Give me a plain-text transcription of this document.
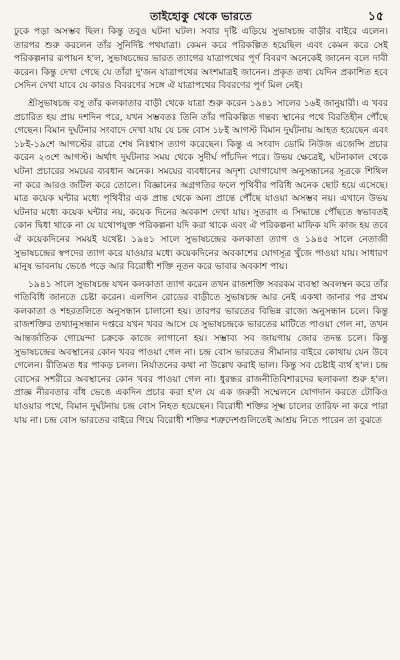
তাইহোকু থেকে ভারতে	১৫

ঢুকে পড়া অসম্ভব ছিল। কিন্তু তবুও ঘটনা ঘটল। সবার দৃষ্টি এড়িয়ে সুভাষচন্দ্র বাড়ীর বাইরে এলেন। তারপর শুরু করলেন তাঁর সুনির্দিষ্ট পথযাত্রা। কেমন করে পরিকল্পিত হয়েছিল এবং কেমন করে সেই পরিকল্পনার রূপায়ন হ'ল, সুভাষচন্দ্রের ভারত ত্যাগের যাত্রাপথের পূর্ণ বিবরণ অনেকেই জানেন বলে দাবী করেন। কিন্তু দেখা গেছে যে তাঁরা দু'জন যাত্রাপথের অংশমাত্রই জানেন। প্রকৃত তথ্য যেদিন প্রকাশিত হবে সেদিন দেখা যাবে যে কারও বিবরণের সঙ্গে ঐ যাত্রাপথের বিবরণের পূর্ণ মিল নেই।

শ্রীসুভাষচন্দ্র বসু তাঁর কলকাতার বাড়ী থেকে যাত্রা শুরু করেন ১৯৪১ সালের ১৬ই জানুয়ারী। এ খবর প্রচারিত হয় প্রায় দশদিন পরে, যখন সম্ভবতঃ তিনি তাঁর পরিকল্পিত গন্তব্য স্থানের পথে বিরতিহীন পৌঁছে গেছেন। বিমান দুর্ঘটনার সংবাদে দেখা যায় যে চন্দ্র বোস ১৮ই আগস্ট বিমান দুর্ঘটনায় আহত হয়েছেন এবং ১৮ই-১৯শে আগস্টের রাত্রে শেষ নিঃশ্বাস ত্যাগ করেছেন। কিন্তু এ সংবাদ ডোমি নিউজ এজেন্সি প্রচার করেন ২৩শে আগস্ট। অর্থাৎ দুর্ঘটনার সময় থেকে সুদীর্ঘ পাঁচদিন পরে। উভয় ক্ষেত্রেই, ঘটনাকাল থেকে ঘটনা প্রচারের সময়ের ব্যবধান অনেক। সময়ের ব্যবধানের অদৃশ্য যোগাযোগ অনুসন্ধানের সূত্রকে শিথিল না করে আরও জটিল করে তোলে। বিজ্ঞানের অগ্রগতির ফলে পৃথিবীর পরিধি অনেক ছোট হয়ে এসেছে। মাত্র কয়েক ঘন্টার মধ্যে পৃথিবীর এক প্রান্ত থেকে অন্য প্রান্তে পৌঁছে যাওয়া অসম্ভব নয়। এখানে উভয় ঘটনার মধ্যে কয়েক ঘন্টার নয়, কয়েক দিনের অবকাশ দেখা যায়। সুতরাং এ সিদ্ধান্তে পৌঁছতে স্বভাবতই কোন দ্বিধা থাকে না যে যথোপযুক্ত পরিকল্পনা যদি করা থাকে এবং ঐ পরিকল্পনা মাফিক যদি কাজ হয় তবে ঐ কয়েকদিনের সময়ই যথেষ্ট। ১৯৪১ সালে সুভাষচন্দ্রের কলকাতা ত্যাগ ও ১৯৪৫ সালে নেতাজী সুভাষচন্দ্রের স্বপদের ত্যাগ করে যাওয়ার মধ্যে কয়েকদিনের অবকাশের যোগসূত্র খুঁজে পাওয়া যায়। সাধারণ মানুষ ভাবনায় ভেঙে পড়ে আর বিরোধী শক্তি নূতন করে ভাবার অবকাশ পায়।

১৯৪১ সালে সুভাষচন্দ্র যখন কলকাতা ত্যাগ করেন তখন রাজশক্তি সবরকম ব্যবস্থা অবলম্বন করে তাঁর গতিবিধি জানতে চেষ্টা করেন। এলগিন রোডের বাড়ীতে সুভাষচন্দ্র আর নেই একথা জানার পর প্রথম কলকাতা ও শহরতলিতে অনুসন্ধান চালানো হয়। তারপর ভারতের বিভিন্ন রাজ্যে অনুসন্ধান চলে। কিন্তু রাজশক্তির তথ্যানুসন্ধান দপ্তরে যখন খবর আসে যে সুভাষচন্দ্রকে ভারতের মাটিতে পাওয়া গেল না, তখন আন্তর্জাতিক গোয়েন্দা চক্রকে কাজে লাগানো হয়। সম্ভাব্য সব জায়গায় জোর তদন্ত চলে। কিন্তু সুভাষচন্দ্রের অবস্থানের কোন খবর পাওয়া গেল না। চন্দ্র বোস ভারতের সীমানার বাইরে কোথায় যেন উবে গেলেন। রীতিমত ধর পাকড় চলল। নির্যাতনের কথা না উল্লেখ করাই ভাল। কিন্তু সব চেষ্টাই ব্যর্থ হ'ল। চন্দ্র বোসের সশরীরে অবস্থানের কোন খবর পাওয়া গেল না। ধুরন্ধর রাজনীতিবিশারদের ছলাকলা শুরু হ'ল। প্রাজ্ঞ নীরবতার বাঁধ ভেঙে একদিন প্রচার করা হ'ল যে এক জরুরী সম্মেলনে যোগদান করতে টোকিও যাওয়ার পথে, বিমান দুর্ঘটনায় চন্দ্র বোস নিহত হয়েছেন। বিরোধী শক্তির সূক্ষ্ম চালের তারিফ না করে পারা যায় না। চন্দ্র বোস ভারতের বাইরে গিয়ে বিরোধী শক্তির শত্রুদেশগুলিতেই আশ্রয় নিতে পারেন তা বুঝতে
